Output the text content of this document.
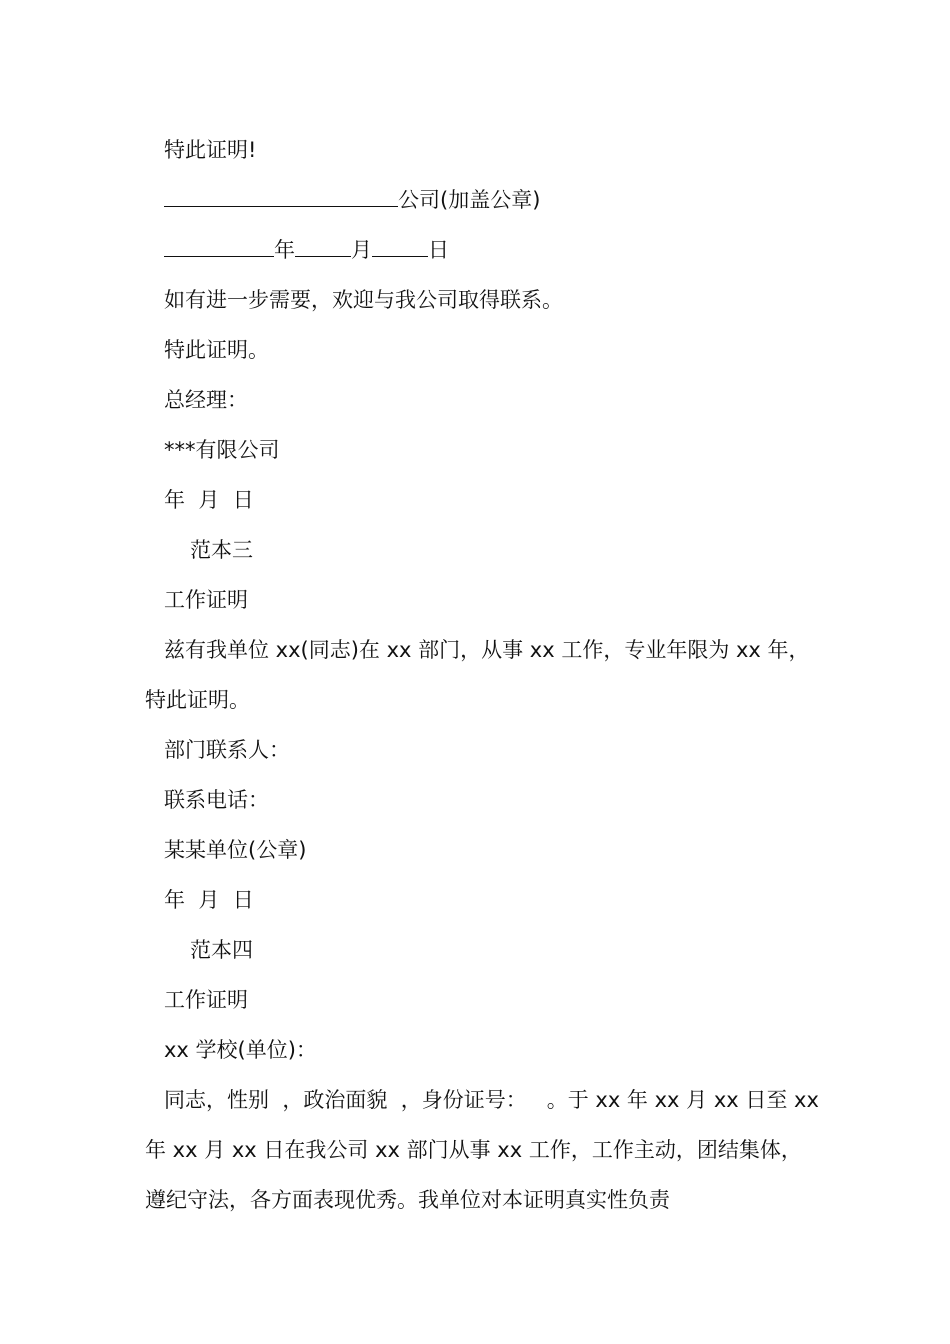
特此证明!
公司(加盖公章)
年	月	日
如有进一步需要，欢迎与我公司取得联系。
特此证明。
总经理：
***有限公司
年  月  日
范本三
工作证明
兹有我单位 xx(同志)在 xx 部门，从事 xx 工作，专业年限为 xx 年，
特此证明。
部门联系人：
联系电话：
某某单位(公章)
年  月  日
范本四
工作证明
xx 学校(单位)：
同志，性别  ，政治面貌  ，身份证号：   。于 xx 年 xx 月 xx 日至 xx
年 xx 月 xx 日在我公司 xx 部门从事 xx 工作，工作主动，团结集体，
遵纪守法，各方面表现优秀。我单位对本证明真实性负责
